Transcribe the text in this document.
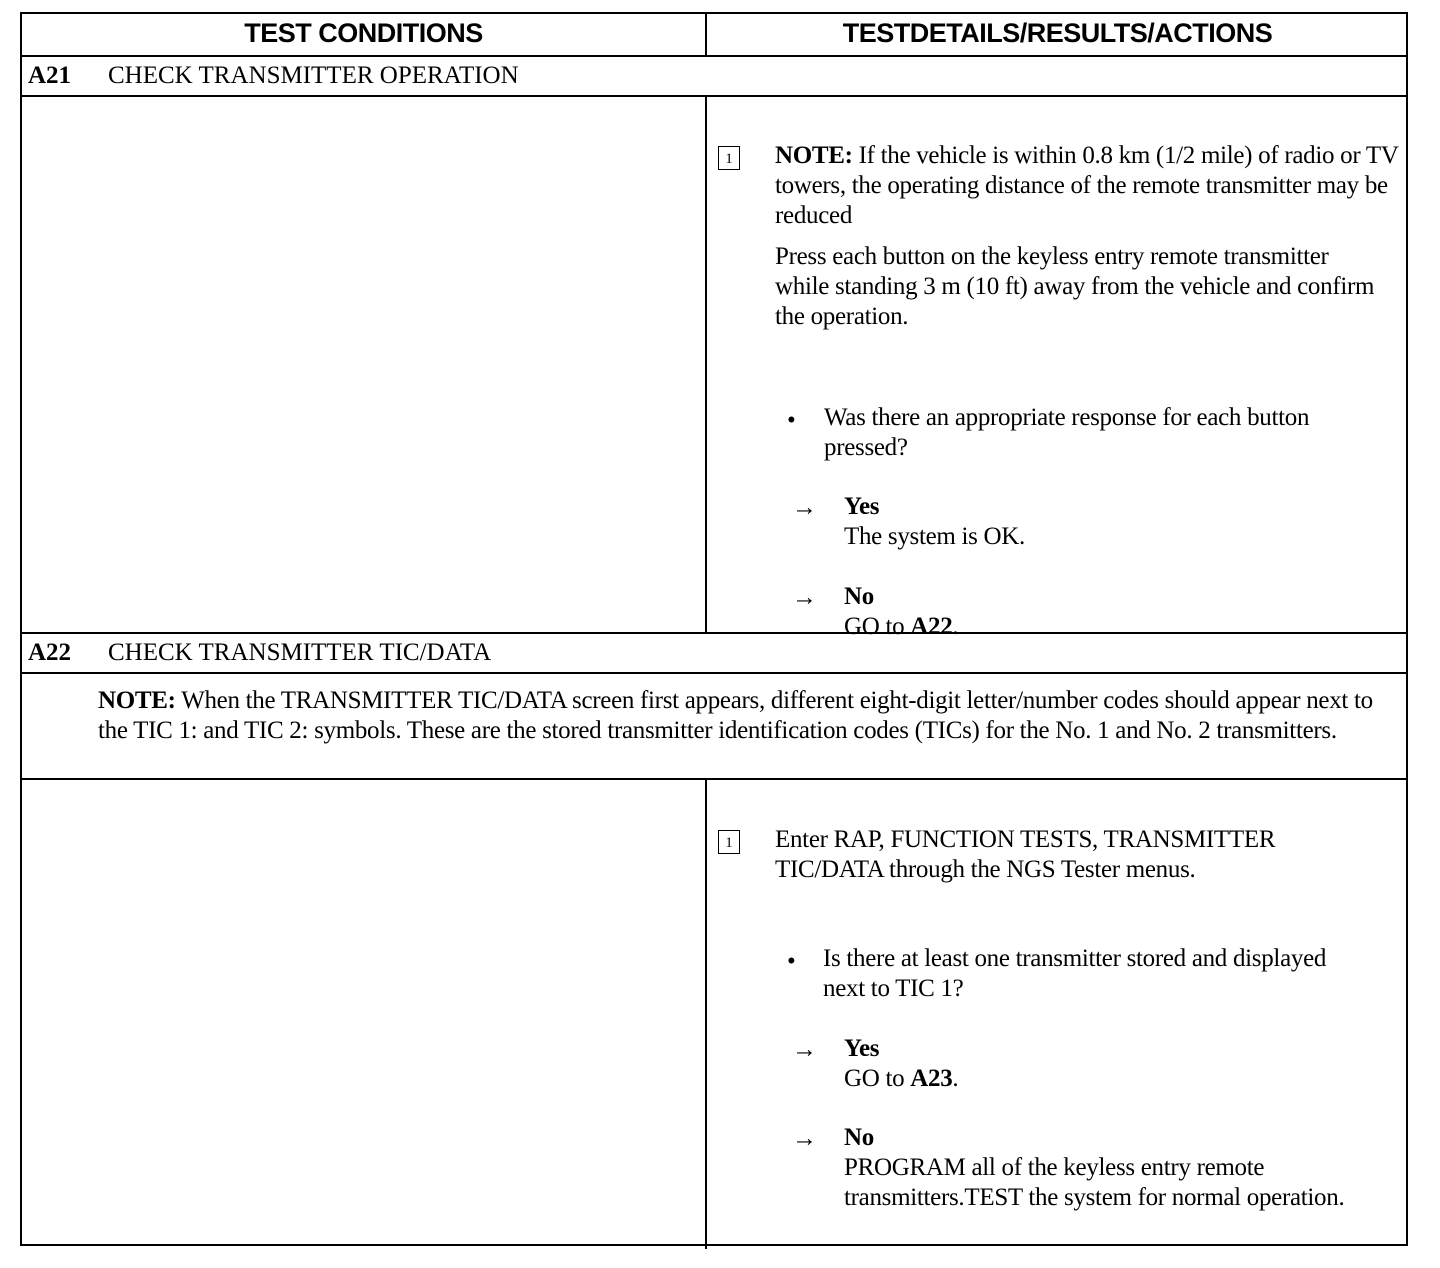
TEST CONDITIONS	TESTDETAILS/RESULTS/ACTIONS
A21 CHECK TRANSMITTER OPERATION
1 NOTE: If the vehicle is within 0.8 km (1/2 mile) of radio or TV towers, the operating distance of the remote transmitter may be reduced
Press each button on the keyless entry remote transmitter while standing 3 m (10 ft) away from the vehicle and confirm the operation.
• Was there an appropriate response for each button pressed?
→ Yes
The system is OK.
→ No
GO to A22.
A22 CHECK TRANSMITTER TIC/DATA
NOTE: When the TRANSMITTER TIC/DATA screen first appears, different eight-digit letter/number codes should appear next to the TIC 1: and TIC 2: symbols. These are the stored transmitter identification codes (TICs) for the No. 1 and No. 2 transmitters.
1 Enter RAP, FUNCTION TESTS, TRANSMITTER TIC/DATA through the NGS Tester menus.
• Is there at least one transmitter stored and displayed next to TIC 1?
→ Yes
GO to A23.
→ No
PROGRAM all of the keyless entry remote transmitters.TEST the system for normal operation.
